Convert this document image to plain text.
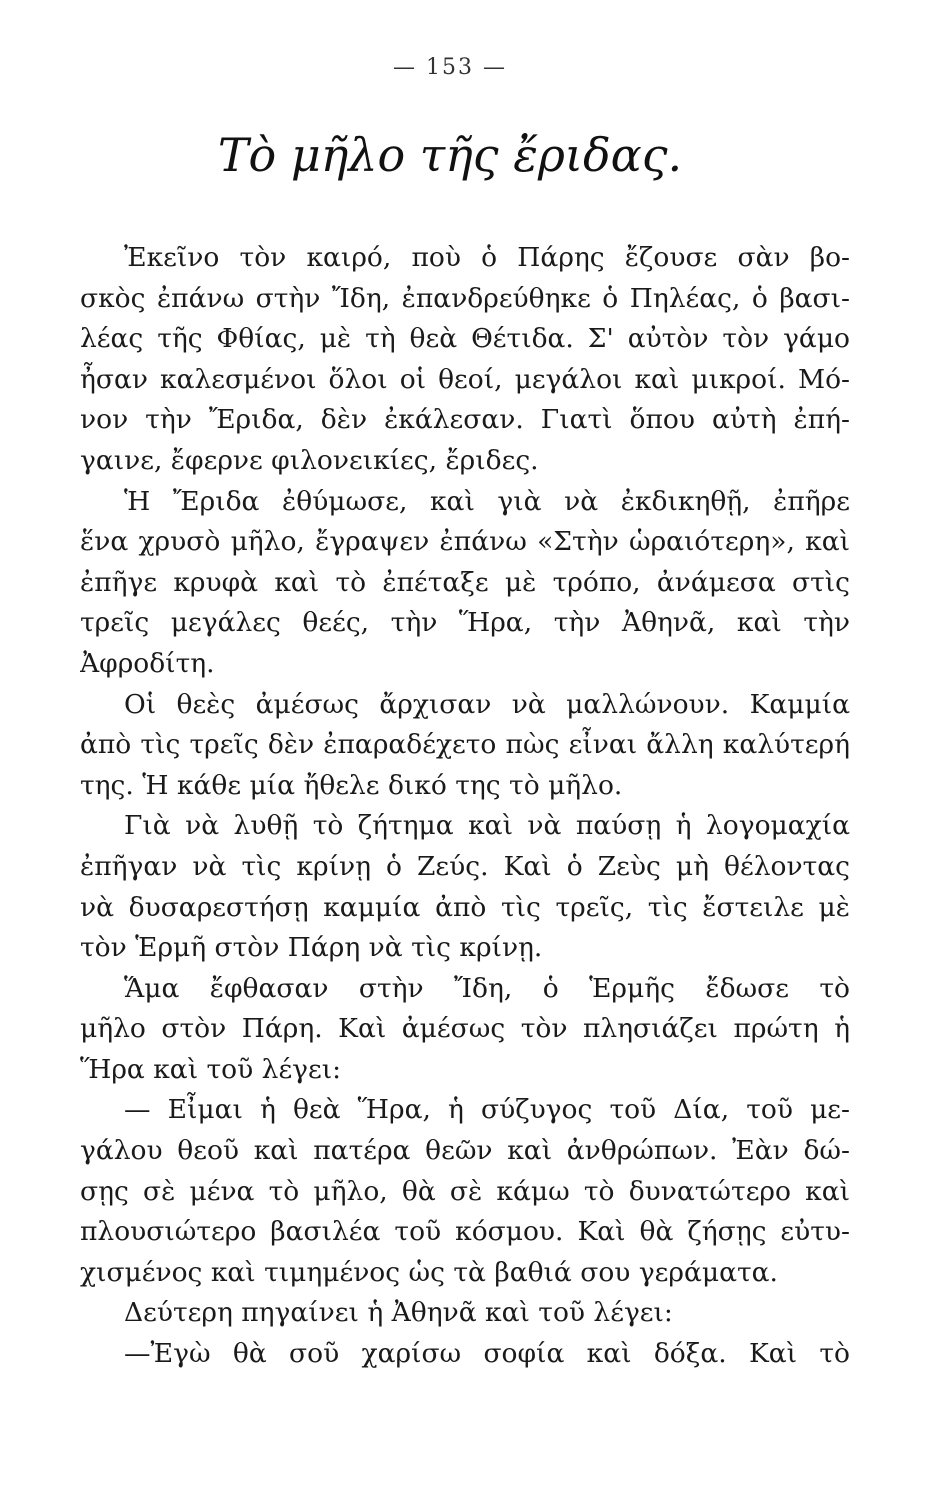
— 153 —
Τὸ μῆλο τῆς ἔριδας.
Ἐκεῖνο τὸν καιρό, ποὺ ὁ Πάρης ἔζουσε σὰν βο-
σκὸς ἐπάνω στὴν Ἴδη, ἐπανδρεύθηκε ὁ Πηλέας, ὁ βασι-
λέας τῆς Φθίας, μὲ τὴ θεὰ Θέτιδα. Σ' αὐτὸν τὸν γάμο
ἦσαν καλεσμένοι ὅλοι οἱ θεοί, μεγάλοι καὶ μικροί. Μό-
νον τὴν Ἔριδα, δὲν ἐκάλεσαν. Γιατὶ ὅπου αὐτὴ ἐπή-
γαινε, ἔφερνε φιλονεικίες, ἔριδες.
Ἡ Ἔριδα ἐθύμωσε, καὶ γιὰ νὰ ἐκδικηθῇ, ἐπῆρε
ἕνα χρυσὸ μῆλο, ἔγραψεν ἐπάνω «Στὴν ὡραιότερη», καὶ
ἐπῆγε κρυφὰ καὶ τὸ ἐπέταξε μὲ τρόπο, ἀνάμεσα στὶς
τρεῖς μεγάλες θεές, τὴν Ἥρα, τὴν Ἀθηνᾶ, καὶ τὴν
Ἀφροδίτη.
Οἱ θεὲς ἀμέσως ἄρχισαν νὰ μαλλώνουν. Καμμία
ἀπὸ τὶς τρεῖς δὲν ἐπαραδέχετο πὼς εἶναι ἄλλη καλύτερή
της. Ἡ κάθε μία ἤθελε δικό της τὸ μῆλο.
Γιὰ νὰ λυθῇ τὸ ζήτημα καὶ νὰ παύσῃ ἡ λογομαχία
ἐπῆγαν νὰ τὶς κρίνῃ ὁ Ζεύς. Καὶ ὁ Ζεὺς μὴ θέλοντας
νὰ δυσαρεστήσῃ καμμία ἀπὸ τὶς τρεῖς, τὶς ἔστειλε μὲ
τὸν Ἑρμῆ στὸν Πάρη νὰ τὶς κρίνῃ.
Ἅμα ἔφθασαν στὴν Ἴδη, ὁ Ἑρμῆς ἔδωσε τὸ
μῆλο στὸν Πάρη. Καὶ ἀμέσως τὸν πλησιάζει πρώτη ἡ
Ἥρα καὶ τοῦ λέγει:
— Εἶμαι ἡ θεὰ Ἥρα, ἡ σύζυγος τοῦ Δία, τοῦ με-
γάλου θεοῦ καὶ πατέρα θεῶν καὶ ἀνθρώπων. Ἐὰν δώ-
σῃς σὲ μένα τὸ μῆλο, θὰ σὲ κάμω τὸ δυνατώτερο καὶ
πλουσιώτερο βασιλέα τοῦ κόσμου. Καὶ θὰ ζήσῃς εὐτυ-
χισμένος καὶ τιμημένος ὡς τὰ βαθιά σου γεράματα.
Δεύτερη πηγαίνει ἡ Ἀθηνᾶ καὶ τοῦ λέγει:
—Ἐγὼ θὰ σοῦ χαρίσω σοφία καὶ δόξα. Καὶ τὸ
